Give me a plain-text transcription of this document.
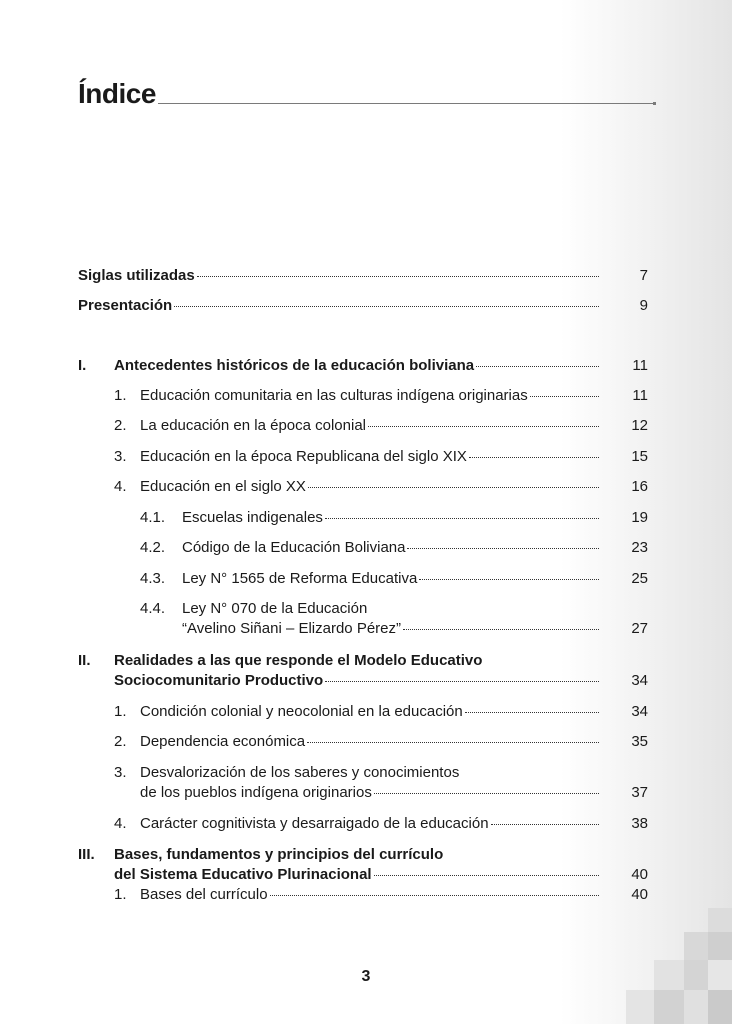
Índice
Siglas utilizadas	7
Presentación	9
I. Antecedentes históricos de la educación boliviana	11
1. Educación comunitaria en las culturas indígena originarias	11
2. La educación en la época colonial	12
3. Educación en la época Republicana del siglo XIX	15
4. Educación en el siglo XX	16
4.1. Escuelas indigenales	19
4.2. Código de la Educación Boliviana	23
4.3. Ley N° 1565 de Reforma Educativa	25
4.4. Ley N° 070 de la Educación
“Avelino Siñani – Elizardo Pérez”	27
II. Realidades a las que responde el Modelo Educativo
Sociocomunitario Productivo	34
1. Condición colonial y neocolonial en la educación	34
2. Dependencia económica	35
3. Desvalorización de los saberes y conocimientos
de los pueblos indígena originarios	37
4. Carácter cognitivista y desarraigado de la educación	38
III. Bases, fundamentos y principios del currículo
del Sistema Educativo Plurinacional	40
1. Bases del currículo	40
3
